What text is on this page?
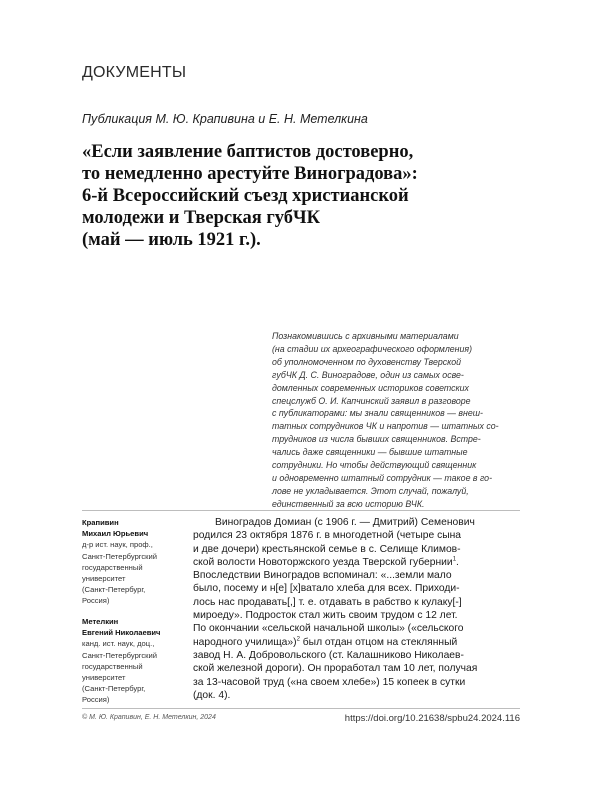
ДОКУМЕНТЫ
Публикация М. Ю. Крапивина и Е. Н. Метелкина
«Если заявление баптистов достоверно,
то немедленно арестуйте Виноградова»:
6-й Всероссийский съезд христианской
молодежи и Тверская губЧК
(май — июль 1921 г.).
Познакомившись с архивными материалами
(на стадии их археографического оформления)
об уполномоченном по духовенству Тверской
губЧК Д. С. Виноградове, один из самых осве-
домленных современных историков советских
спецслужб О. И. Капчинский заявил в разговоре
с публикаторами: мы знали священников — внеш-
татных сотрудников ЧК и напротив — штатных со-
трудников из числа бывших священников. Встре-
чались даже священники — бывшие штатные
сотрудники. Но чтобы действующий священник
и одновременно штатный сотрудник — такое в го-
лове не укладывается. Этот случай, пожалуй,
единственный за всю историю ВЧК.
Крапивин
Михаил Юрьевич
д-р ист. наук, проф.,
Санкт-Петербургский
государственный
университет
(Санкт-Петербург,
Россия)
Метелкин
Евгений Николаевич
канд. ист. наук, доц.,
Санкт-Петербургский
государственный
университет
(Санкт-Петербург,
Россия)
Виноградов Домиан (с 1906 г. — Дмитрий) Семенович
родился 23 октября 1876 г. в многодетной (четыре сына
и две дочери) крестьянской семье в с. Селище Климов-
ской волости Новоторжского уезда Тверской губернии$^1$.
Впоследствии Виноградов вспоминал: «...земли мало
было, посему и н[е] [х]ватало хлеба для всех. Приходи-
лось нас продавать[,] т. е. отдавать в рабство к кулаку[-]
мироеду». Подросток стал жить своим трудом с 12 лет.
По окончании «сельской начальной школы» («сельского
народного училища»)$^2$ был отдан отцом на стеклянный
завод Н. А. Добровольского (ст. Калашниково Николаев-
ской железной дороги). Он проработал там 10 лет, получая
за 13-часовой труд («на своем хлебе») 15 копеек в сутки
(док. 4).
© М. Ю. Крапивин, Е. Н. Метелкин, 2024	https://doi.org/10.21638/spbu24.2024.116
